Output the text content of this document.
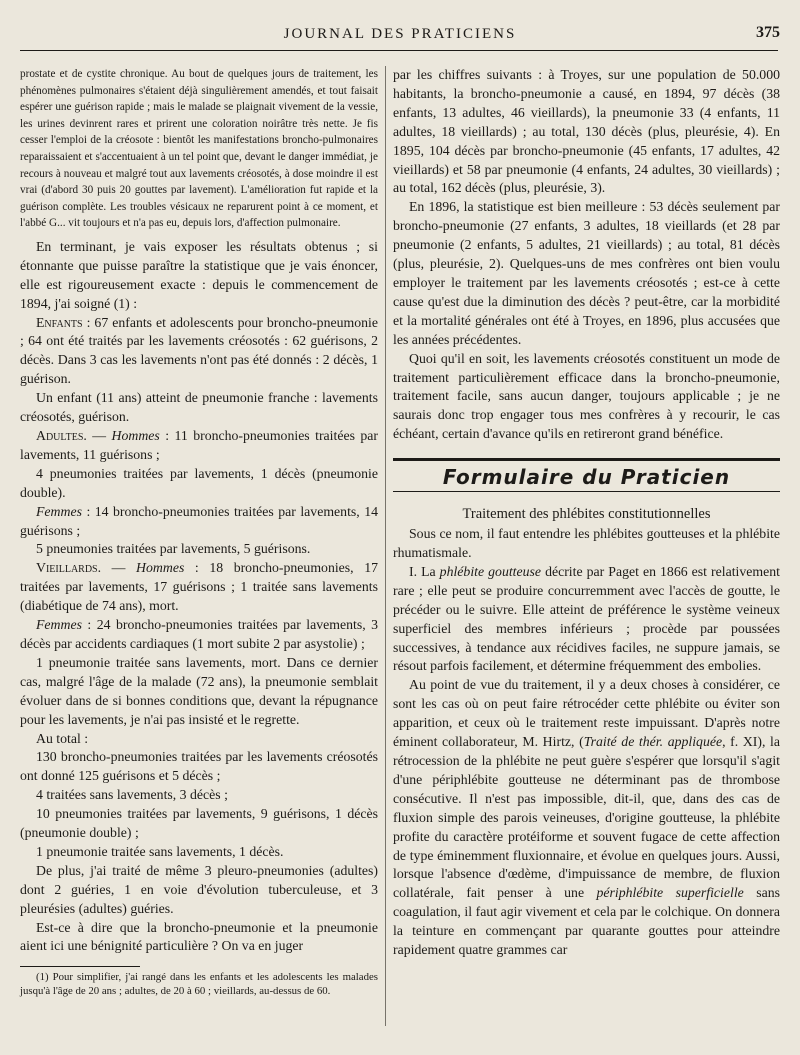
JOURNAL DES PRATICIENS	375

prostate et de cystite chronique. Au bout de quelques jours de traitement, les phénomènes pulmonaires s'étaient déjà singulièrement amendés, et tout faisait espérer une guérison rapide ; mais le malade se plaignait vivement de la vessie, les urines devinrent rares et prirent une coloration noirâtre très nette. Je fis cesser l'emploi de la créosote : bientôt les manifestations broncho-pulmonaires reparaissaient et s'accentuaient à un tel point que, devant le danger immédiat, je recours à nouveau et malgré tout aux lavements créosotés, à dose moindre il est vrai (d'abord 30 puis 20 gouttes par lavement). L'amélioration fut rapide et la guérison complète. Les troubles vésicaux ne reparurent point à ce moment, et l'abbé G... vit toujours et n'a pas eu, depuis lors, d'affection pulmonaire.

En terminant, je vais exposer les résultats obtenus ; si étonnante que puisse paraître la statistique que je vais énoncer, elle est rigoureusement exacte : depuis le commencement de 1894, j'ai soigné (1) :

Enfants : 67 enfants et adolescents pour broncho-pneumonie ; 64 ont été traités par les lavements créosotés : 62 guérisons, 2 décès. Dans 3 cas les lavements n'ont pas été donnés : 2 décès, 1 guérison.

Un enfant (11 ans) atteint de pneumonie franche : lavements créosotés, guérison.

Adultes. — Hommes : 11 broncho-pneumonies traitées par lavements, 11 guérisons ;

4 pneumonies traitées par lavements, 1 décès (pneumonie double).

Femmes : 14 broncho-pneumonies traitées par lavements, 14 guérisons ;

5 pneumonies traitées par lavements, 5 guérisons.

Vieillards. — Hommes : 18 broncho-pneumonies, 17 traitées par lavements, 17 guérisons ; 1 traitée sans lavements (diabétique de 74 ans), mort.

Femmes : 24 broncho-pneumonies traitées par lavements, 3 décès par accidents cardiaques (1 mort subite 2 par asystolie) ;

1 pneumonie traitée sans lavements, mort. Dans ce dernier cas, malgré l'âge de la malade (72 ans), la pneumonie semblait évoluer dans de si bonnes conditions que, devant la répugnance pour les lavements, je n'ai pas insisté et le regrette.

Au total :

130 broncho-pneumonies traitées par les lavements créosotés ont donné 125 guérisons et 5 décès ;

4 traitées sans lavements, 3 décès ;

10 pneumonies traitées par lavements, 9 guérisons, 1 décès (pneumonie double) ;

1 pneumonie traitée sans lavements, 1 décès.

De plus, j'ai traité de même 3 pleuro-pneumonies (adultes) dont 2 guéries, 1 en voie d'évolution tuberculeuse, et 3 pleurésies (adultes) guéries.

Est-ce à dire que la broncho-pneumonie et la pneumonie aient ici une bénignité particulière ? On va en juger

(1) Pour simplifier, j'ai rangé dans les enfants et les adolescents les malades jusqu'à l'âge de 20 ans ; adultes, de 20 à 60 ; vieillards, au-dessus de 60.

par les chiffres suivants : à Troyes, sur une population de 50.000 habitants, la broncho-pneumonie a causé, en 1894, 97 décès (38 enfants, 13 adultes, 46 vieillards), la pneumonie 33 (4 enfants, 11 adultes, 18 vieillards) ; au total, 130 décès (plus, pleurésie, 4). En 1895, 104 décès par broncho-pneumonie (45 enfants, 17 adultes, 42 vieillards) et 58 par pneumonie (4 enfants, 24 adultes, 30 vieillards) ; au total, 162 décès (plus, pleurésie, 3).

En 1896, la statistique est bien meilleure : 53 décès seulement par broncho-pneumonie (27 enfants, 3 adultes, 18 vieillards (et 28 par pneumonie (2 enfants, 5 adultes, 21 vieillards) ; au total, 81 décès (plus, pleurésie, 2). Quelques-uns de mes confrères ont bien voulu employer le traitement par les lavements créosotés ; est-ce à cette cause qu'est due la diminution des décès ? peut-être, car la morbidité et la mortalité générales ont été à Troyes, en 1896, plus accusées que les années précédentes.

Quoi qu'il en soit, les lavements créosotés constituent un mode de traitement particulièrement efficace dans la broncho-pneumonie, traitement facile, sans aucun danger, toujours applicable ; je ne saurais donc trop engager tous mes confrères à y recourir, le cas échéant, certain d'avance qu'ils en retireront grand bénéfice.

Formulaire du Praticien
Traitement des phlébites constitutionnelles

Sous ce nom, il faut entendre les phlébites goutteuses et la phlébite rhumatismale.

I. La phlébite goutteuse décrite par Paget en 1866 est relativement rare ; elle peut se produire concurremment avec l'accès de goutte, le précéder ou le suivre. Elle atteint de préférence le système veineux superficiel des membres inférieurs ; procède par poussées successives, à tendance aux récidives faciles, ne suppure jamais, se résout parfois facilement, et détermine fréquemment des embolies.

Au point de vue du traitement, il y a deux choses à considérer, ce sont les cas où on peut faire rétrocéder cette phlébite ou éviter son apparition, et ceux où le traitement reste impuissant. D'après notre éminent collaborateur, M. Hirtz, (Traité de thér. appliquée, f. XI), la rétrocession de la phlébite ne peut guère s'espérer que lorsqu'il s'agit d'une périphlébite goutteuse ne déterminant pas de thrombose consécutive. Il n'est pas impossible, dit-il, que, dans des cas de fluxion simple des parois veineuses, d'origine goutteuse, la phlébite profite du caractère protéiforme et souvent fugace de cette affection de type éminemment fluxionnaire, et évolue en quelques jours. Aussi, lorsque l'absence d'œdème, d'impuissance de membre, de fluxion collatérale, fait penser à une périphlébite superficielle sans coagulation, il faut agir vivement et cela par le colchique. On donnera la teinture en commençant par quarante gouttes pour atteindre rapidement quatre grammes car
